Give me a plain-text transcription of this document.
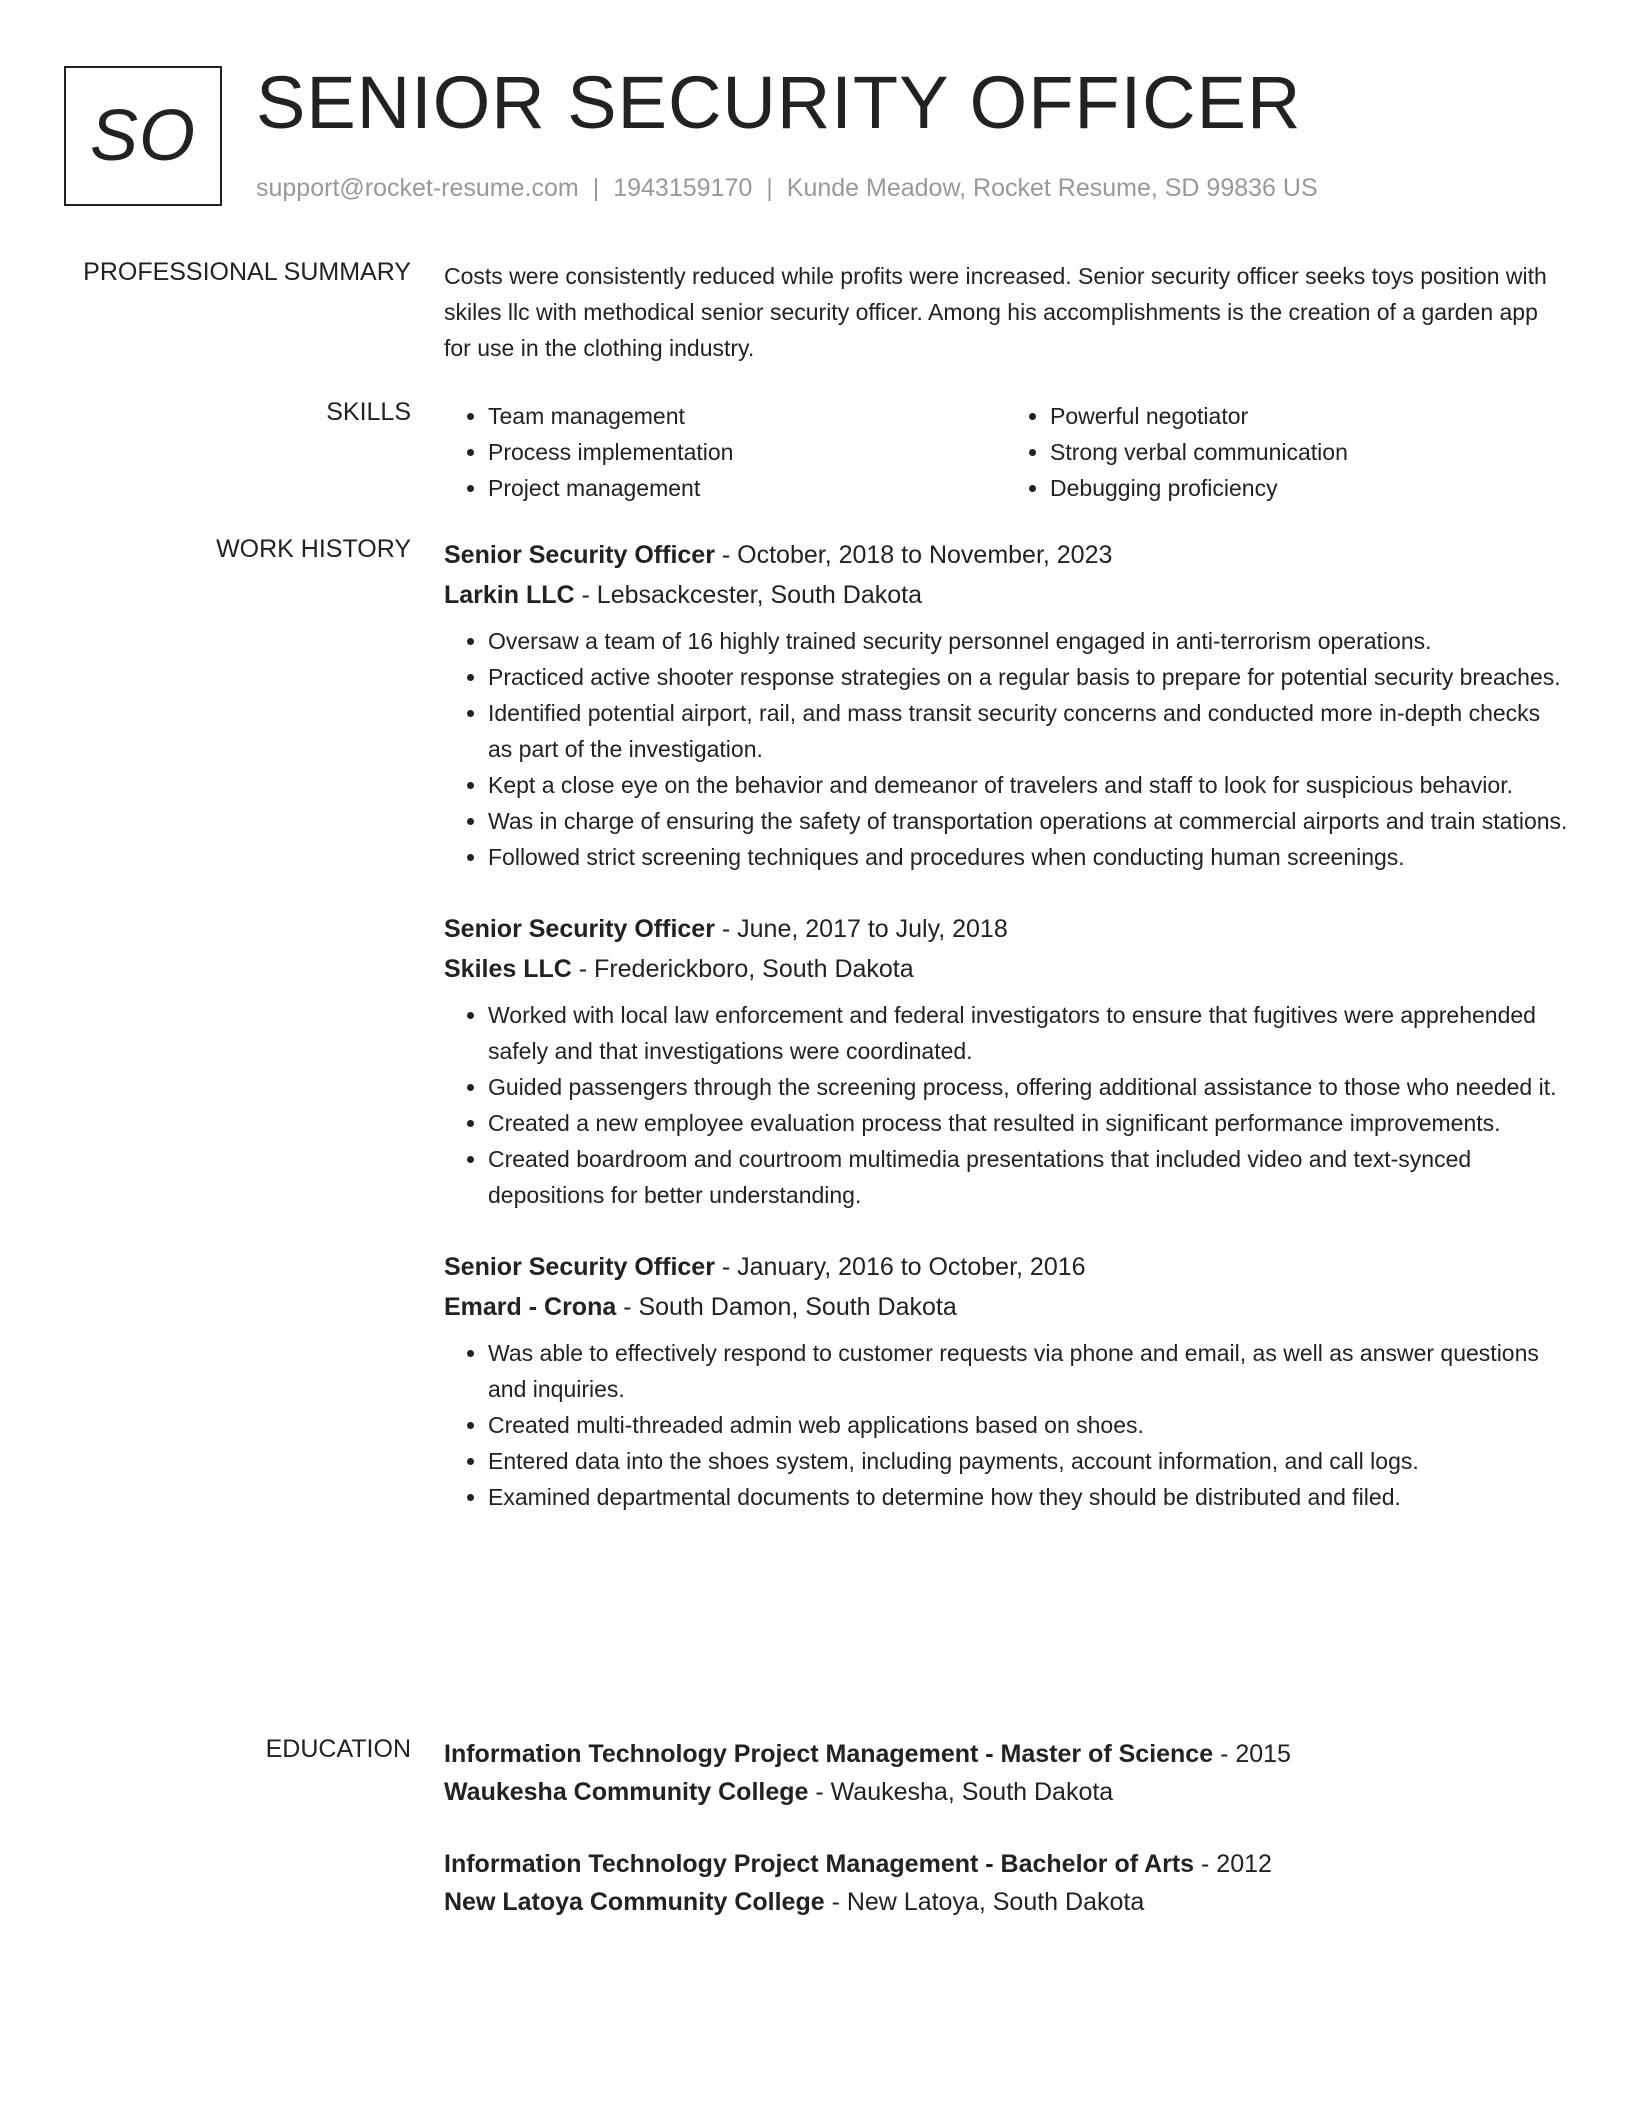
SO SENIOR SECURITY OFFICER
support@rocket-resume.com | 1943159170 | Kunde Meadow, Rocket Resume, SD 99836 US
PROFESSIONAL SUMMARY Costs were consistently reduced while profits were increased. Senior security officer seeks toys position with skiles llc with methodical senior security officer. Among his accomplishments is the creation of a garden app for use in the clothing industry.

SKILLS
•	Team management
• Process implementation
• Project management
• Powerful negotiator
• Strong verbal communication
• Debugging proficiency
WORK HISTORY Senior Security Officer - October, 2018 to November, 2023

Larkin LLC - Lebsackcester, South Dakota

• Oversaw a team of 16 highly trained security personnel engaged in anti-terrorism operations.
• Practiced active shooter response strategies on a regular basis to prepare for potential security breaches.
• Identified potential airport, rail, and mass transit security concerns and conducted more in-depth checks as part of the investigation.
• Kept a close eye on the behavior and demeanor of travelers and staff to look for suspicious behavior.
• Was in charge of ensuring the safety of transportation operations at commercial airports and train stations.
• Followed strict screening techniques and procedures when conducting human screenings.

Senior Security Officer - June, 2017 to July, 2018

Skiles LLC - Frederickboro, South Dakota

• Worked with local law enforcement and federal investigators to ensure that fugitives were apprehended safely and that investigations were coordinated.
• Guided passengers through the screening process, offering additional assistance to those who needed it.
• Created a new employee evaluation process that resulted in significant performance improvements.
• Created boardroom and courtroom multimedia presentations that included video and text-synced depositions for better understanding.

Senior Security Officer - January, 2016 to October, 2016

Emard - Crona - South Damon, South Dakota

• Was able to effectively respond to customer requests via phone and email, as well as answer questions and inquiries.
• Created multi-threaded admin web applications based on shoes.
• Entered data into the shoes system, including payments, account information, and call logs.
• Examined departmental documents to determine how they should be distributed and filed.
EDUCATION Information Technology Project Management - Master of Science - 2015

Waukesha Community College - Waukesha, South Dakota

Information Technology Project Management - Bachelor of Arts - 2012

New Latoya Community College - New Latoya, South Dakota
